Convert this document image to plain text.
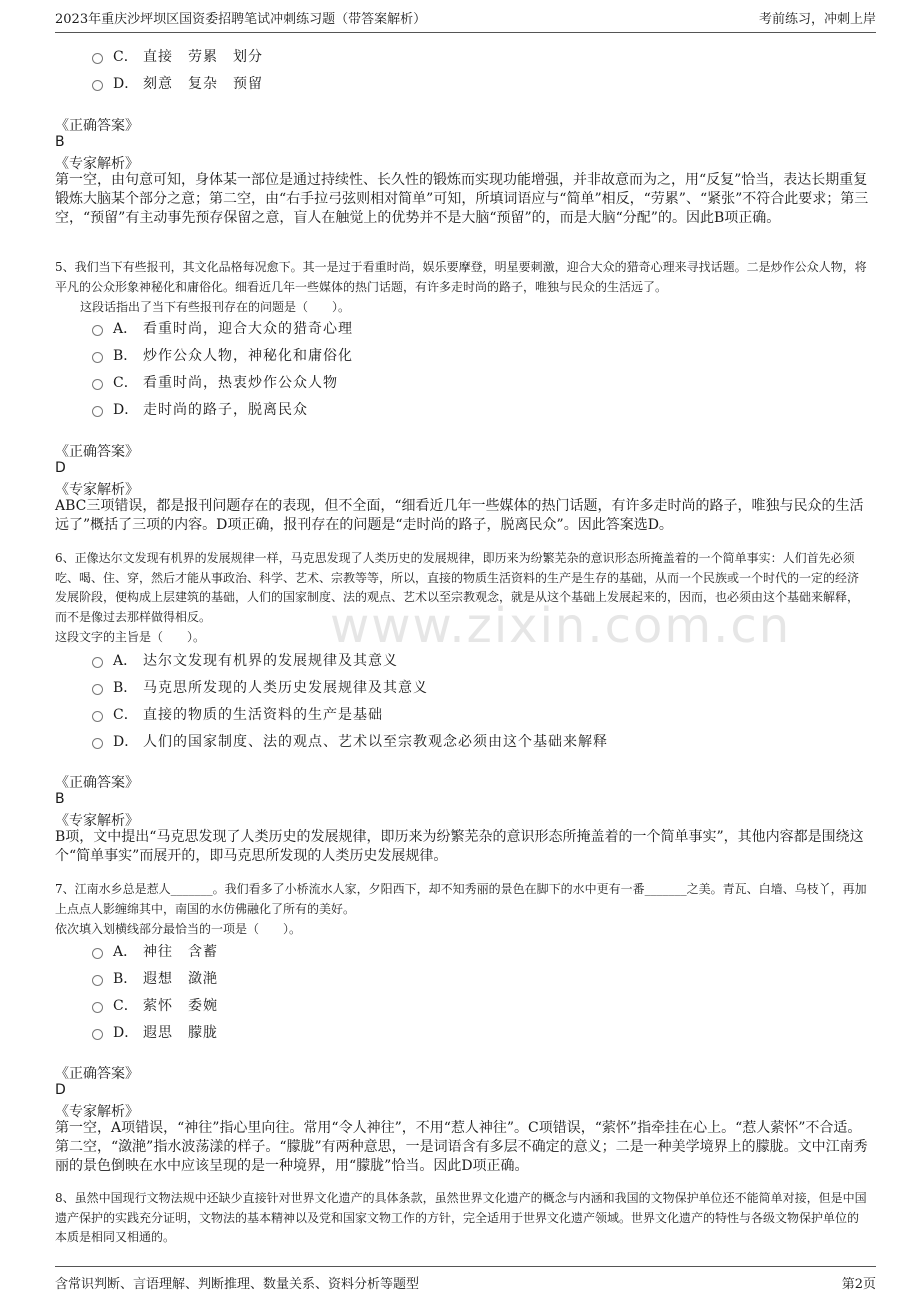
2023年重庆沙坪坝区国资委招聘笔试冲刺练习题（带答案解析）	考前练习，冲刺上岸
www.zixin.com.cn
C． 直接　劳累　划分
D． 刻意　复杂　预留
《正确答案》
B
《专家解析》
第一空，由句意可知，身体某一部位是通过持续性、长久性的锻炼而实现功能增强，并非故意而为之，用“反复”恰当，表达长期重复锻炼大脑某个部分之意；第二空，由“右手拉弓弦则相对简单”可知，所填词语应与“简单”相反，“劳累”、“紧张”不符合此要求；第三空，“预留”有主动事先预存保留之意，盲人在触觉上的优势并不是大脑“预留”的，而是大脑“分配”的。因此B项正确。
5、我们当下有些报刊，其文化品格每况愈下。其一是过于看重时尚，娱乐要摩登，明星要刺激，迎合大众的猎奇心理来寻找话题。二是炒作公众人物，将平凡的公众形象神秘化和庸俗化。细看近几年一些媒体的热门话题，有许多走时尚的路子，唯独与民众的生活远了。
这段话指出了当下有些报刊存在的问题是（　　）。
A． 看重时尚，迎合大众的猎奇心理
B． 炒作公众人物，神秘化和庸俗化
C． 看重时尚，热衷炒作公众人物
D． 走时尚的路子，脱离民众
《正确答案》
D
《专家解析》
ABC三项错误，都是报刊问题存在的表现，但不全面，“细看近几年一些媒体的热门话题，有许多走时尚的路子，唯独与民众的生活远了”概括了三项的内容。D项正确，报刊存在的问题是“走时尚的路子，脱离民众”。因此答案选D。
6、正像达尔文发现有机界的发展规律一样，马克思发现了人类历史的发展规律，即历来为纷繁芜杂的意识形态所掩盖着的一个简单事实：人们首先必须吃、喝、住、穿，然后才能从事政治、科学、艺术、宗教等等，所以，直接的物质生活资料的生产是生存的基础，从而一个民族或一个时代的一定的经济发展阶段，便构成上层建筑的基础，人们的国家制度、法的观点、艺术以至宗教观念，就是从这个基础上发展起来的，因而，也必须由这个基础来解释，而不是像过去那样做得相反。
这段文字的主旨是（　　）。
A． 达尔文发现有机界的发展规律及其意义
B． 马克思所发现的人类历史发展规律及其意义
C． 直接的物质的生活资料的生产是基础
D． 人们的国家制度、法的观点、艺术以至宗教观念必须由这个基础来解释
《正确答案》
B
《专家解析》
B项，文中提出“马克思发现了人类历史的发展规律，即历来为纷繁芜杂的意识形态所掩盖着的一个简单事实”，其他内容都是围绕这个“简单事实”而展开的，即马克思所发现的人类历史发展规律。
7、江南水乡总是惹人_______。我们看多了小桥流水人家，夕阳西下，却不知秀丽的景色在脚下的水中更有一番_______之美。青瓦、白墙、乌枝丫，再加上点点人影缠绵其中，南国的水仿佛融化了所有的美好。
依次填入划横线部分最恰当的一项是（　　）。
A． 神往　含蓄
B． 遐想　潋滟
C． 萦怀　委婉
D． 遐思　朦胧
《正确答案》
D
《专家解析》
第一空，A项错误，“神往”指心里向往。常用“令人神往”，不用“惹人神往”。C项错误，“萦怀”指牵挂在心上。“惹人萦怀”不合适。第二空，“潋滟”指水波荡漾的样子。“朦胧”有两种意思，一是词语含有多层不确定的意义；二是一种美学境界上的朦胧。文中江南秀丽的景色倒映在水中应该呈现的是一种境界，用“朦胧”恰当。因此D项正确。
8、虽然中国现行文物法规中还缺少直接针对世界文化遗产的具体条款，虽然世界文化遗产的概念与内涵和我国的文物保护单位还不能简单对接，但是中国遗产保护的实践充分证明，文物法的基本精神以及党和国家文物工作的方针，完全适用于世界文化遗产领域。世界文化遗产的特性与各级文物保护单位的本质是相同又相通的。
含常识判断、言语理解、判断推理、数量关系、资料分析等题型	第2页
